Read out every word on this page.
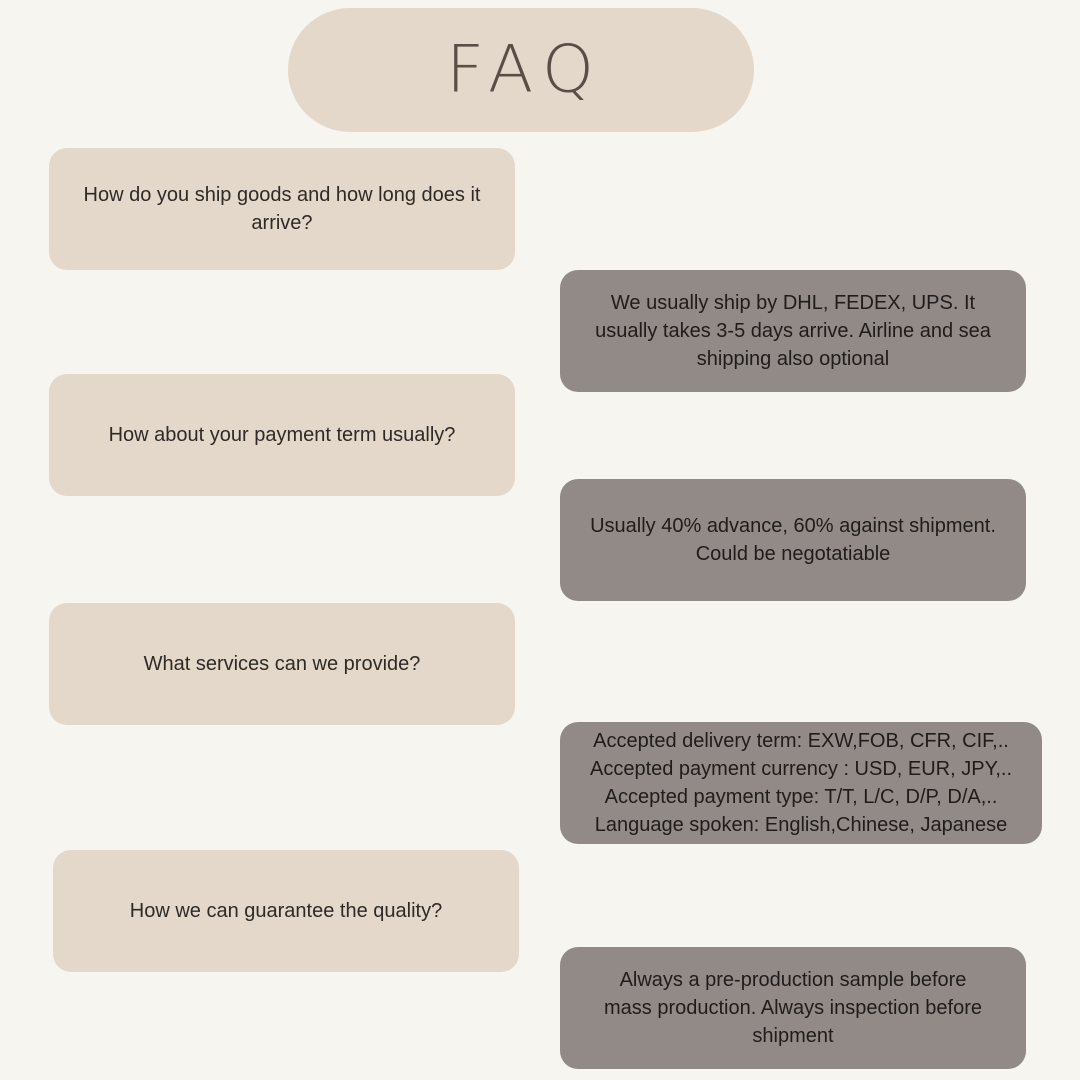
FAQ
How do you ship goods and how long does it arrive?
We usually ship by DHL, FEDEX, UPS. It
usually takes 3-5 days arrive. Airline and sea
shipping also optional
How about your payment term usually?
Usually 40% advance, 60% against shipment.
Could be negotatiable
What services can we provide?
Accepted delivery term: EXW,FOB, CFR, CIF,..
Accepted payment currency : USD, EUR, JPY,..
Accepted payment type: T/T, L/C, D/P, D/A,..
Language spoken: English,Chinese, Japanese
How we can guarantee the quality?
Always a pre-production sample before
mass production. Always inspection before
shipment
